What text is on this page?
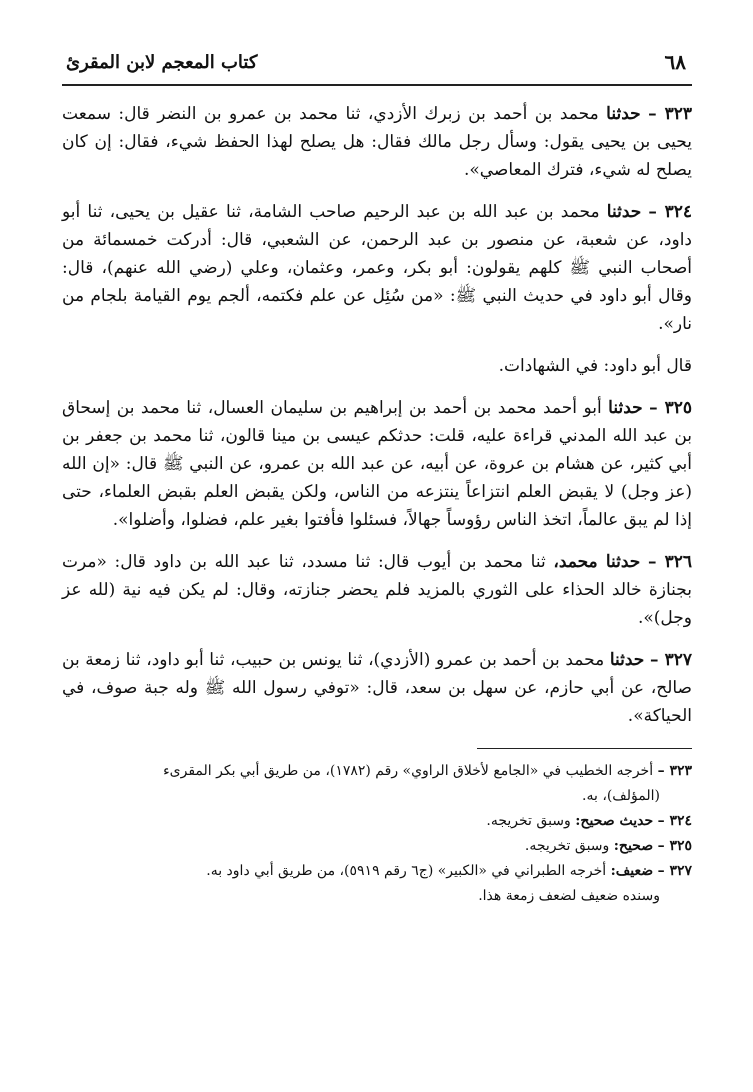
٦٨
كتاب المعجم لابن المقرئ

٣٢٣ – حدثنا محمد بن أحمد بن زبرك الأزدي، ثنا محمد بن عمرو بن النضر قال: سمعت يحيى بن يحيى يقول: وسأل رجل مالك فقال: هل يصلح لهذا الحفظ شيء، فقال: إن كان يصلح له شيء، فترك المعاصي».

٣٢٤ – حدثنا محمد بن عبد الله بن عبد الرحيم صاحب الشامة، ثنا عقيل بن يحيى، ثنا أبو داود، عن شعبة، عن منصور بن عبد الرحمن، عن الشعبي، قال: أدركت خمسمائة من أصحاب النبي ﷺ كلهم يقولون: أبو بكر، وعمر، وعثمان، وعلي (رضي الله عنهم)، قال: وقال أبو داود في حديث النبي ﷺ: «من سُئِل عن علم فكتمه، ألجم يوم القيامة بلجام من نار».

قال أبو داود: في الشهادات.

٣٢٥ – حدثنا أبو أحمد محمد بن أحمد بن إبراهيم بن سليمان العسال، ثنا محمد بن إسحاق بن عبد الله المدني قراءة عليه، قلت: حدثكم عيسى بن مينا قالون، ثنا محمد بن جعفر بن أبي كثير، عن هشام بن عروة، عن أبيه، عن عبد الله بن عمرو، عن النبي ﷺ قال: «إن الله (عز وجل) لا يقبض العلم انتزاعاً ينتزعه من الناس، ولكن يقبض العلم بقبض العلماء، حتى إذا لم يبق عالماً، اتخذ الناس رؤوساً جهالاً، فسئلوا فأفتوا بغير علم، فضلوا، وأضلوا».

٣٢٦ – حدثنا محمد، ثنا محمد بن أيوب قال: ثنا مسدد، ثنا عبد الله بن داود قال: «مرت بجنازة خالد الحذاء على الثوري بالمزيد فلم يحضر جنازته، وقال: لم يكن فيه نية (لله عز وجل)».

٣٢٧ – حدثنا محمد بن أحمد بن عمرو (الأزدي)، ثنا يونس بن حبيب، ثنا أبو داود، ثنا زمعة بن صالح، عن أبي حازم، عن سهل بن سعد، قال: «توفي رسول الله ﷺ وله جبة صوف، في الحياكة».

٣٢٣ – أخرجه الخطيب في «الجامع لأخلاق الراوي» رقم (١٧٨٢)، من طريق أبي بكر المقرىء
(المؤلف)، به.

٣٢٤ – حديث صحيح: وسبق تخريجه.

٣٢٥ – صحيح: وسبق تخريجه.

٣٢٧ – ضعيف: أخرجه الطبراني في «الكبير» (ج٦ رقم ٥٩١٩)، من طريق أبي داود به.
وسنده ضعيف لضعف زمعة هذا.
